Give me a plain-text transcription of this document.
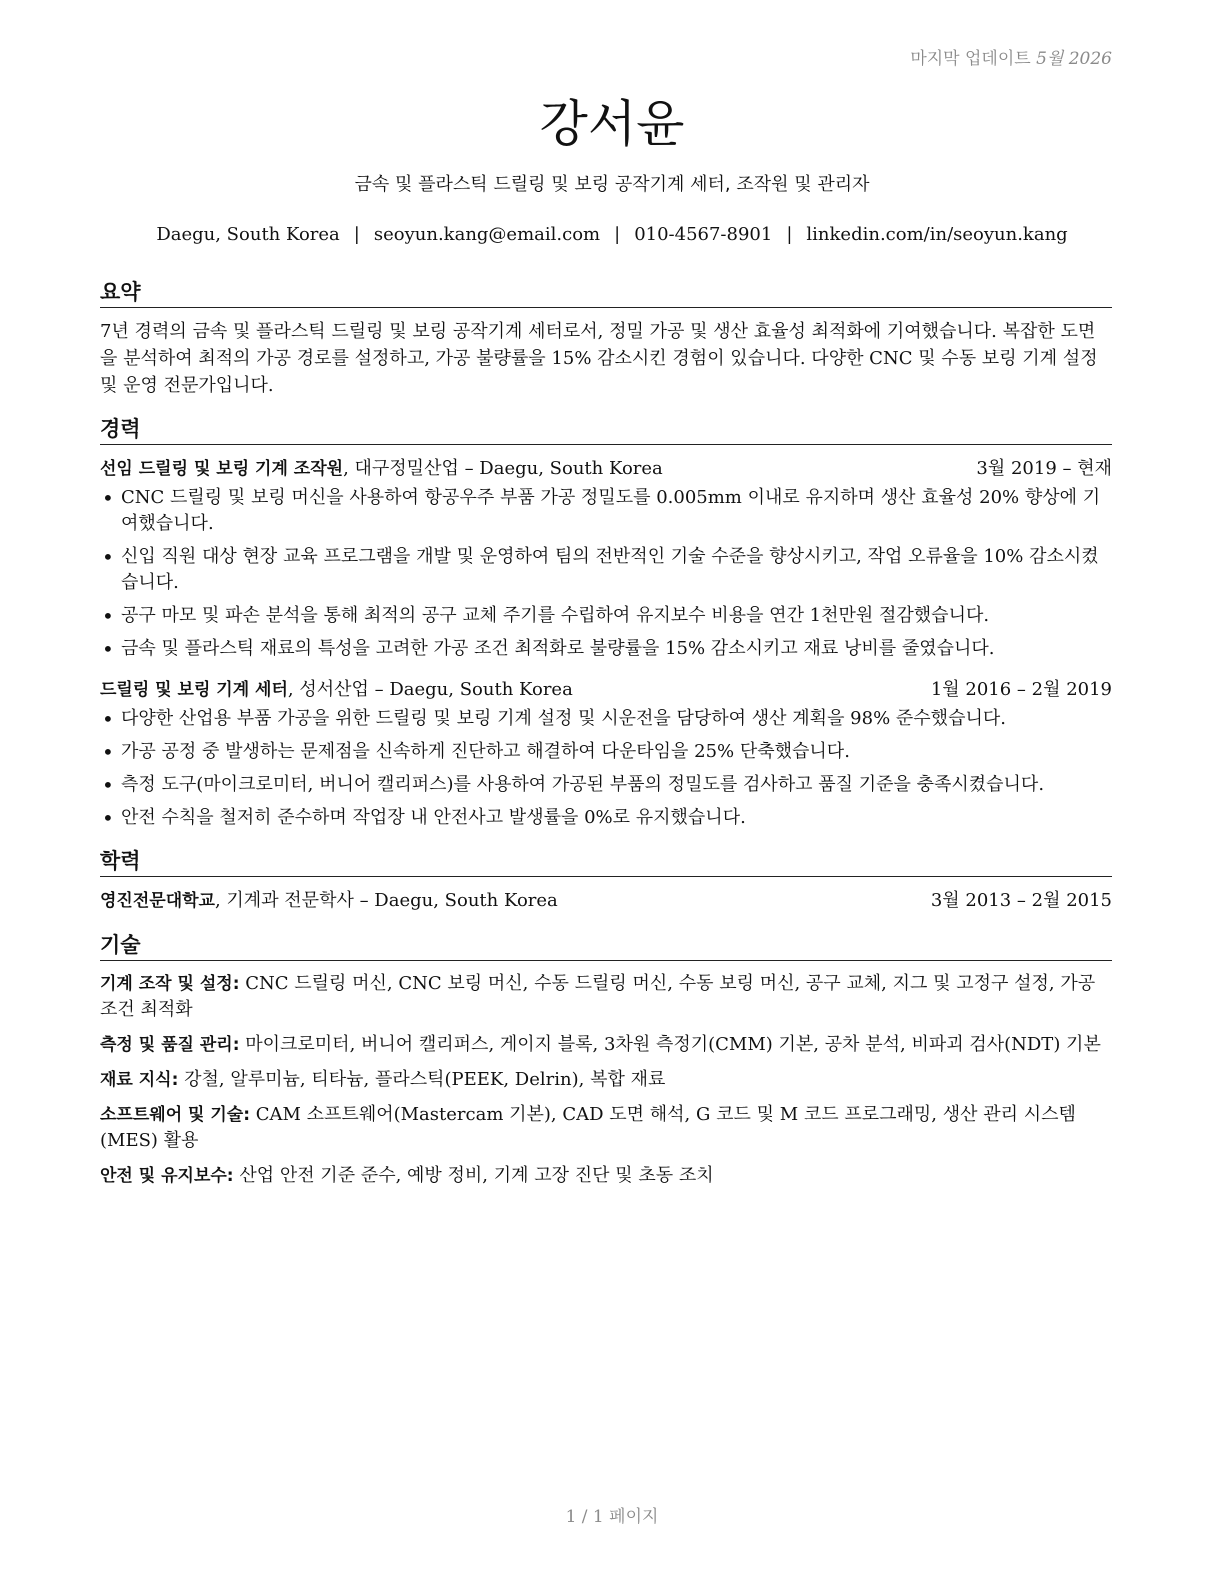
마지막 업데이트 5월 2026
강서윤
금속 및 플라스틱 드릴링 및 보링 공작기계 세터, 조작원 및 관리자
Daegu, South Korea | seoyun.kang@email.com | 010-4567-8901 | linkedin.com/in/seoyun.kang
요약

7년 경력의 금속 및 플라스틱 드릴링 및 보링 공작기계 세터로서, 정밀 가공 및 생산 효율성 최적화에 기여했습니다. 복잡한 도면을 분석하여 최적의 가공 경로를 설정하고, 가공 불량률을 15% 감소시킨 경험이 있습니다. 다양한 CNC 및 수동 보링 기계 설정 및 운영 전문가입니다.

경력
선임 드릴링 및 보링 기계 조작원, 대구정밀산업 – Daegu, South Korea	3월 2019 – 현재
• CNC 드릴링 및 보링 머신을 사용하여 항공우주 부품 가공 정밀도를 0.005mm 이내로 유지하며 생산 효율성 20% 향상에 기여했습니다.
• 신입 직원 대상 현장 교육 프로그램을 개발 및 운영하여 팀의 전반적인 기술 수준을 향상시키고, 작업 오류율을 10% 감소시켰습니다.
• 공구 마모 및 파손 분석을 통해 최적의 공구 교체 주기를 수립하여 유지보수 비용을 연간 1천만원 절감했습니다.
• 금속 및 플라스틱 재료의 특성을 고려한 가공 조건 최적화로 불량률을 15% 감소시키고 재료 낭비를 줄였습니다.
드릴링 및 보링 기계 세터, 성서산업 – Daegu, South Korea	1월 2016 – 2월 2019
• 다양한 산업용 부품 가공을 위한 드릴링 및 보링 기계 설정 및 시운전을 담당하여 생산 계획을 98% 준수했습니다.
• 가공 공정 중 발생하는 문제점을 신속하게 진단하고 해결하여 다운타임을 25% 단축했습니다.
• 측정 도구(마이크로미터, 버니어 캘리퍼스)를 사용하여 가공된 부품의 정밀도를 검사하고 품질 기준을 충족시켰습니다.
• 안전 수칙을 철저히 준수하며 작업장 내 안전사고 발생률을 0%로 유지했습니다.
학력
영진전문대학교, 기계과 전문학사 – Daegu, South Korea	3월 2013 – 2월 2015
기술
기계 조작 및 설정: CNC 드릴링 머신, CNC 보링 머신, 수동 드릴링 머신, 수동 보링 머신, 공구 교체, 지그 및 고정구 설정, 가공 조건 최적화
측정 및 품질 관리: 마이크로미터, 버니어 캘리퍼스, 게이지 블록, 3차원 측정기(CMM) 기본, 공차 분석, 비파괴 검사(NDT) 기본
재료 지식: 강철, 알루미늄, 티타늄, 플라스틱(PEEK, Delrin), 복합 재료
소프트웨어 및 기술: CAM 소프트웨어(Mastercam 기본), CAD 도면 해석, G 코드 및 M 코드 프로그래밍, 생산 관리 시스템(MES) 활용
안전 및 유지보수: 산업 안전 기준 준수, 예방 정비, 기계 고장 진단 및 초동 조치
1 / 1 페이지
